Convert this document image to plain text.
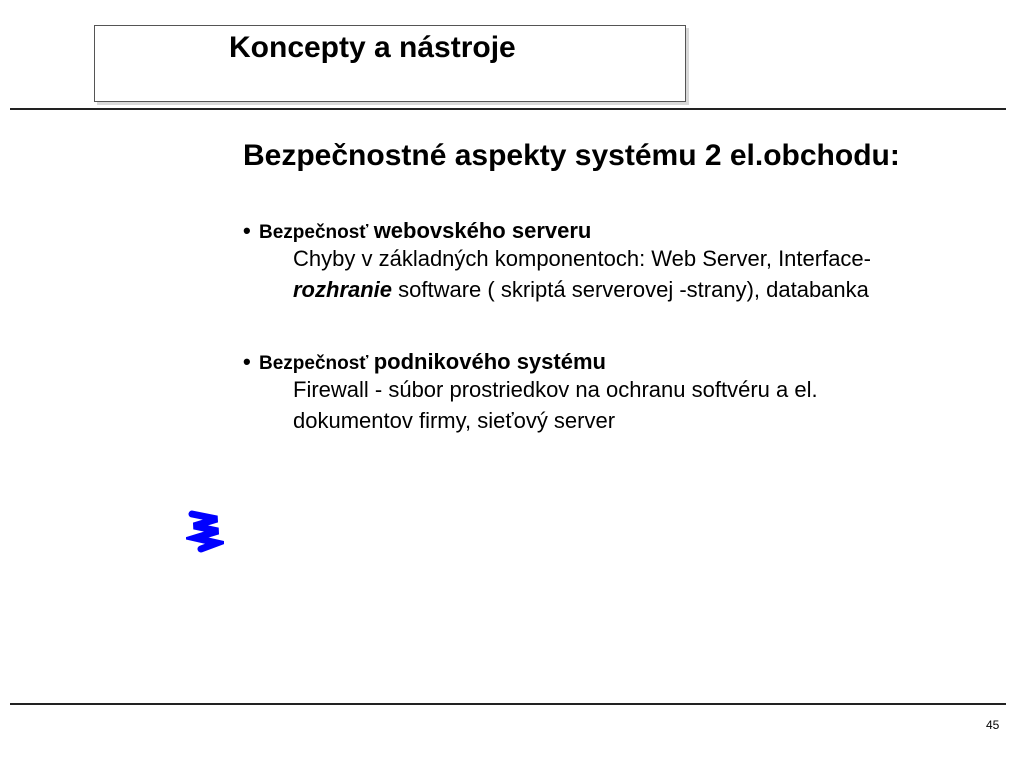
Koncepty a nástroje
Bezpečnostné aspekty systému 2 el.obchodu:
• Bezpečnosť webovského serveru
Chyby v základných komponentoch: Web Server, Interface-
rozhranie software ( skriptá serverovej -strany), databanka
• Bezpečnosť podnikového systému
Firewall - súbor prostriedkov na ochranu softvéru a el.
dokumentov firmy, sieťový server
45
